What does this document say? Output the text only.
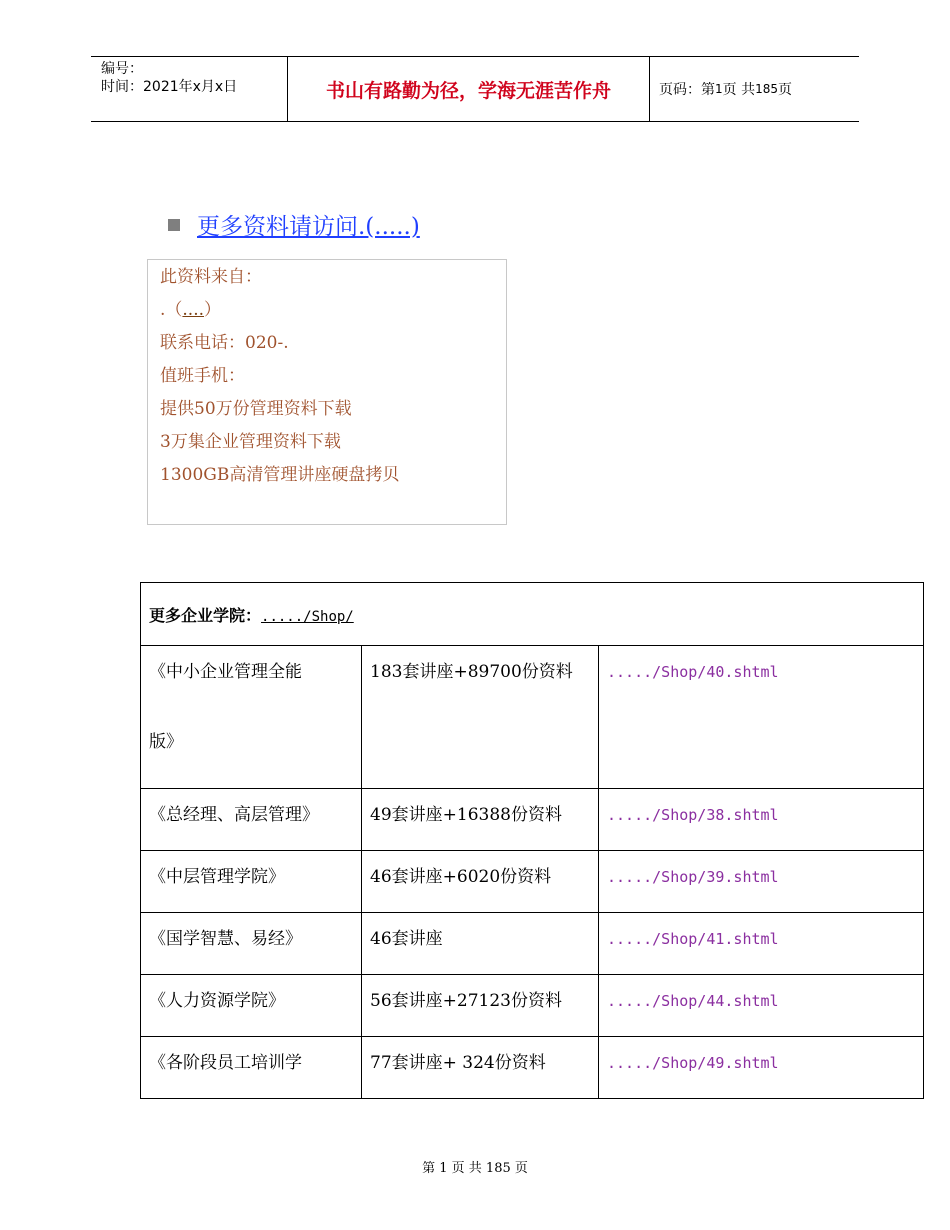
编号：
时间：2021年x月x日	书山有路勤为径，学海无涯苦作舟	页码：第 1 页 共 185 页
更多资料请访问.(.....)
此资料来自：
.（....）
联系电话：020-.
值班手机：
提供50万份管理资料下载
3万集企业管理资料下载
1300GB高清管理讲座硬盘拷贝
更多企业学院：...../Shop/		

《中小企业管理全能
版》	183套讲座+89700份资料	...../Shop/40.shtml

《总经理、高层管理》	49套讲座+16388份资料	...../Shop/38.shtml

《中层管理学院》	46套讲座+6020份资料	...../Shop/39.shtml

《国学智慧、易经》	46套讲座	...../Shop/41.shtml

《人力资源学院》	56套讲座+27123份资料	...../Shop/44.shtml

《各阶段员工培训学	77套讲座+ 324份资料	...../Shop/49.shtml
第 1 页 共 185 页
